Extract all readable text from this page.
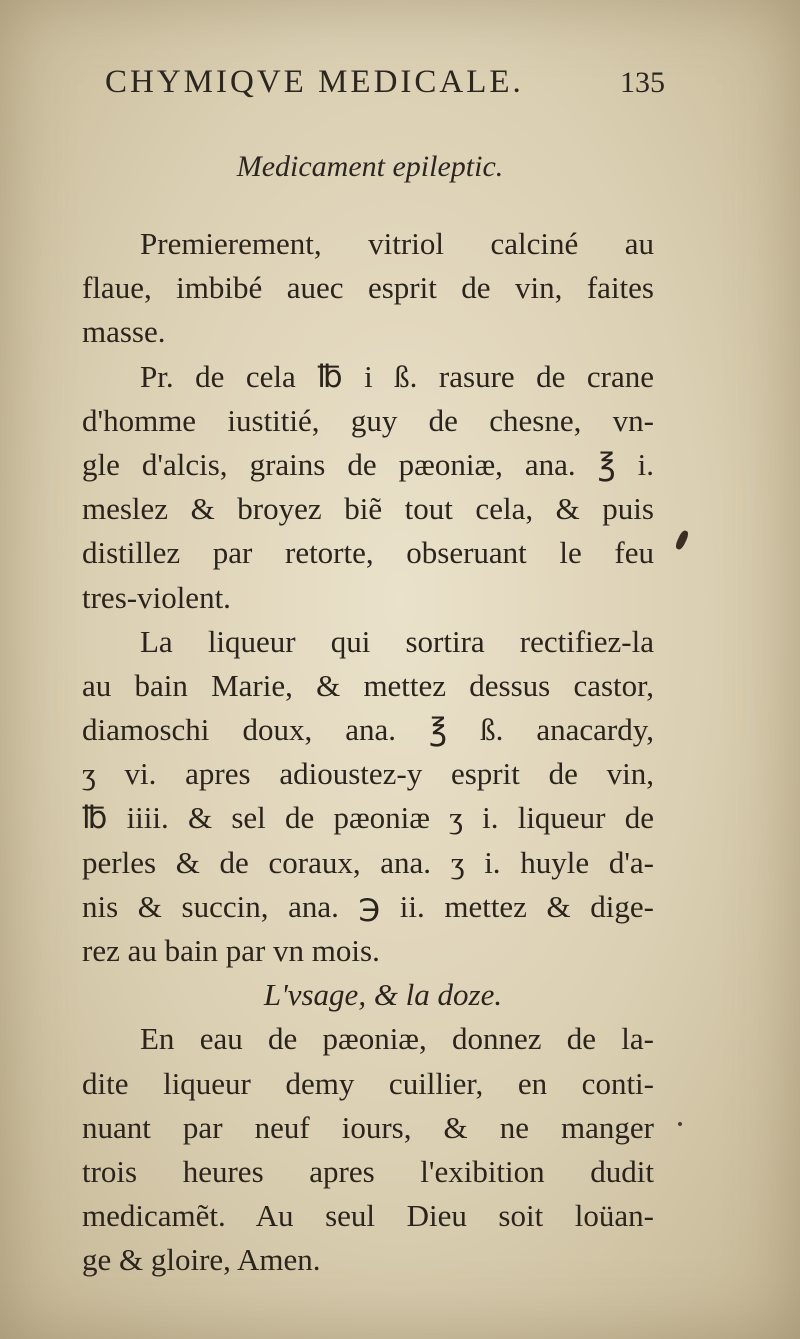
CHYMIQVE MEDICALE.	135
Medicament epileptic.
Premierement, vitriol calciné au
flaue, imbibé auec esprit de vin, faites
masse.
Pr. de cela ℔ i ß. rasure de crane
d'homme iustitié, guy de chesne, vn-
gle d'alcis, grains de pæoniæ, ana. ℥ i.
meslez & broyez biẽ tout cela, & puis
distillez par retorte, obseruant le feu
tres-violent.
La liqueur qui sortira rectifiez-la
au bain Marie, & mettez dessus castor,
diamoschi doux, ana. ℥ ß. anacardy,
ʒ vi. apres adioustez-y esprit de vin,
℔ iiii. & sel de pæoniæ ʒ i. liqueur de
perles & de coraux, ana. ʒ i. huyle d'a-
nis & succin, ana. ℈ ii. mettez & dige-
rez au bain par vn mois.
L'vsage, & la doze.
En eau de pæoniæ, donnez de la-
dite liqueur demy cuillier, en conti-
nuant par neuf iours, & ne manger
trois heures apres l'exibition dudit
medicamẽt. Au seul Dieu soit loüan-
ge & gloire, Amen.
